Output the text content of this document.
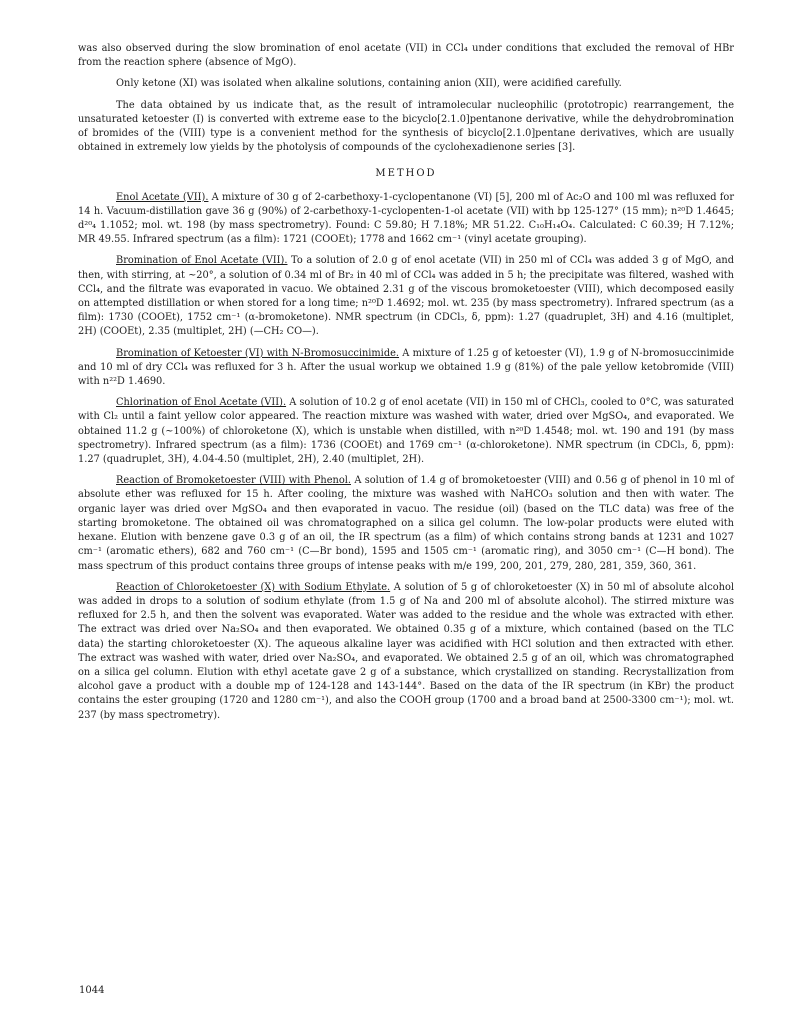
was also observed during the slow bromination of enol acetate (VII) in CCl₄ under conditions that excluded the removal of HBr from the reaction sphere (absence of MgO).

Only ketone (XI) was isolated when alkaline solutions, containing anion (XII), were acidified carefully.

The data obtained by us indicate that, as the result of intramolecular nucleophilic (prototropic) rearrangement, the unsaturated ketoester (I) is converted with extreme ease to the bicyclo[2.1.0]pentanone derivative, while the dehydrobromination of bromides of the (VIII) type is a convenient method for the synthesis of bicyclo[2.1.0]pentane derivatives, which are usually obtained in extremely low yields by the photolysis of compounds of the cyclohexadienone series [3].

METHOD

Enol Acetate (VII). A mixture of 30 g of 2-carbethoxy-1-cyclopentanone (VI) [5], 200 ml of Ac₂O and 100 ml was refluxed for 14 h. Vacuum-distillation gave 36 g (90%) of 2-carbethoxy-1-cyclopenten-1-ol acetate (VII) with bp 125-127° (15 mm); n²⁰D 1.4645; d²⁰₄ 1.1052; mol. wt. 198 (by mass spectrometry). Found: C 59.80; H 7.18%; MR 51.22. C₁₀H₁₄O₄. Calculated: C 60.39; H 7.12%; MR 49.55. Infrared spectrum (as a film): 1721 (COOEt); 1778 and 1662 cm⁻¹ (vinyl acetate grouping).

Bromination of Enol Acetate (VII). To a solution of 2.0 g of enol acetate (VII) in 250 ml of CCl₄ was added 3 g of MgO, and then, with stirring, at ~20°, a solution of 0.34 ml of Br₂ in 40 ml of CCl₄ was added in 5 h; the precipitate was filtered, washed with CCl₄, and the filtrate was evaporated in vacuo. We obtained 2.31 g of the viscous bromoketoester (VIII), which decomposed easily on attempted distillation or when stored for a long time; n²⁰D 1.4692; mol. wt. 235 (by mass spectrometry). Infrared spectrum (as a film): 1730 (COOEt), 1752 cm⁻¹ (α-bromoketone). NMR spectrum (in CDCl₃, δ, ppm): 1.27 (quadruplet, 3H) and 4.16 (multiplet, 2H) (COOEt), 2.35 (multiplet, 2H) (—CH₂ CO—).

Bromination of Ketoester (VI) with N-Bromosuccinimide. A mixture of 1.25 g of ketoester (VI), 1.9 g of N-bromosuccinimide and 10 ml of dry CCl₄ was refluxed for 3 h. After the usual workup we obtained 1.9 g (81%) of the pale yellow ketobromide (VIII) with n²²D 1.4690.

Chlorination of Enol Acetate (VII). A solution of 10.2 g of enol acetate (VII) in 150 ml of CHCl₃, cooled to 0°C, was saturated with Cl₂ until a faint yellow color appeared. The reaction mixture was washed with water, dried over MgSO₄, and evaporated. We obtained 11.2 g (~100%) of chloroketone (X), which is unstable when distilled, with n²⁰D 1.4548; mol. wt. 190 and 191 (by mass spectrometry). Infrared spectrum (as a film): 1736 (COOEt) and 1769 cm⁻¹ (α-chloroketone). NMR spectrum (in CDCl₃, δ, ppm): 1.27 (quadruplet, 3H), 4.04-4.50 (multiplet, 2H), 2.40 (multiplet, 2H).

Reaction of Bromoketoester (VIII) with Phenol. A solution of 1.4 g of bromoketoester (VIII) and 0.56 g of phenol in 10 ml of absolute ether was refluxed for 15 h. After cooling, the mixture was washed with NaHCO₃ solution and then with water. The organic layer was dried over MgSO₄ and then evaporated in vacuo. The residue (oil) (based on the TLC data) was free of the starting bromoketone. The obtained oil was chromatographed on a silica gel column. The low-polar products were eluted with hexane. Elution with benzene gave 0.3 g of an oil, the IR spectrum (as a film) of which contains strong bands at 1231 and 1027 cm⁻¹ (aromatic ethers), 682 and 760 cm⁻¹ (C—Br bond), 1595 and 1505 cm⁻¹ (aromatic ring), and 3050 cm⁻¹ (C—H bond). The mass spectrum of this product contains three groups of intense peaks with m/e 199, 200, 201, 279, 280, 281, 359, 360, 361.

Reaction of Chloroketoester (X) with Sodium Ethylate. A solution of 5 g of chloroketoester (X) in 50 ml of absolute alcohol was added in drops to a solution of sodium ethylate (from 1.5 g of Na and 200 ml of absolute alcohol). The stirred mixture was refluxed for 2.5 h, and then the solvent was evaporated. Water was added to the residue and the whole was extracted with ether. The extract was dried over Na₂SO₄ and then evaporated. We obtained 0.35 g of a mixture, which contained (based on the TLC data) the starting chloroketoester (X). The aqueous alkaline layer was acidified with HCl solution and then extracted with ether. The extract was washed with water, dried over Na₂SO₄, and evaporated. We obtained 2.5 g of an oil, which was chromatographed on a silica gel column. Elution with ethyl acetate gave 2 g of a substance, which crystallized on standing. Recrystallization from alcohol gave a product with a double mp of 124-128 and 143-144°. Based on the data of the IR spectrum (in KBr) the product contains the ester grouping (1720 and 1280 cm⁻¹), and also the COOH group (1700 and a broad band at 2500-3300 cm⁻¹); mol. wt. 237 (by mass spectrometry).

1044
